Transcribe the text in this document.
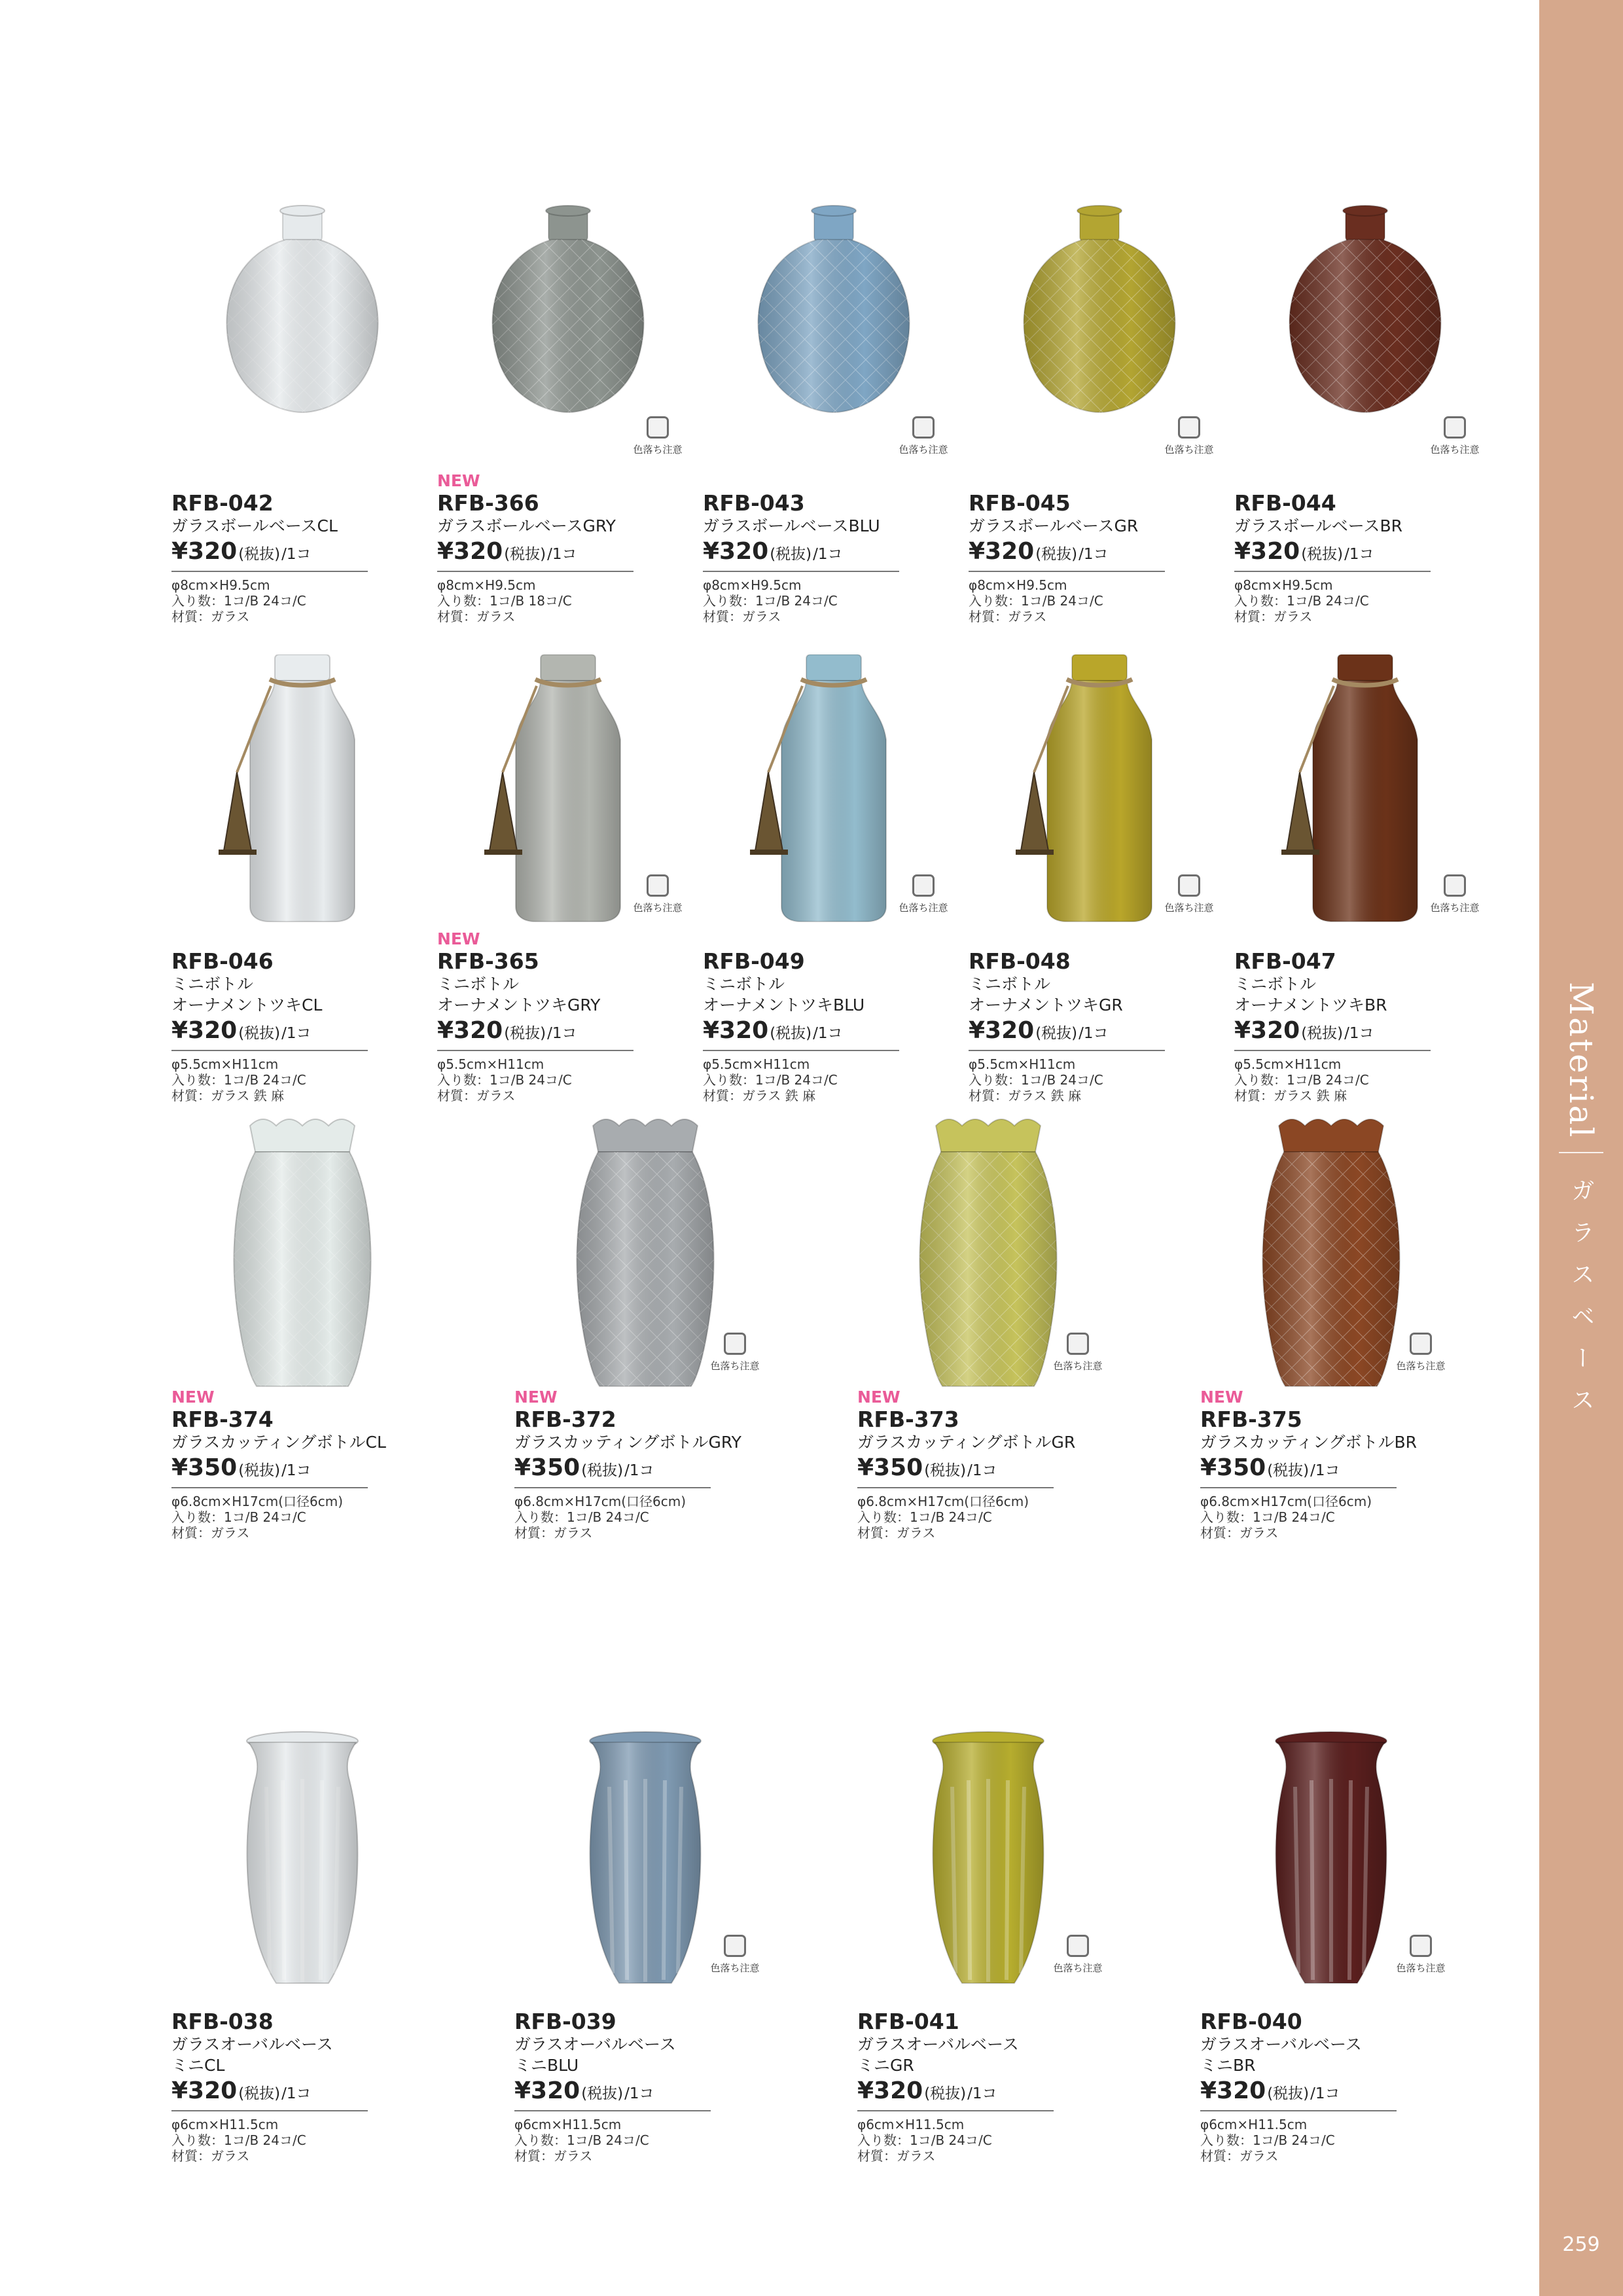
Material
ガラスベース
259
RFB-042
ガラスボールベースCL
¥320(税抜)/1コ
φ8cm×H9.5cm
入り数：1コ/B 24コ/C
材質：ガラス
色落ち注意
NEW
RFB-366
ガラスボールベースGRY
¥320(税抜)/1コ
φ8cm×H9.5cm
入り数：1コ/B 18コ/C
材質：ガラス
色落ち注意
RFB-043
ガラスボールベースBLU
¥320(税抜)/1コ
φ8cm×H9.5cm
入り数：1コ/B 24コ/C
材質：ガラス
色落ち注意
RFB-045
ガラスボールベースGR
¥320(税抜)/1コ
φ8cm×H9.5cm
入り数：1コ/B 24コ/C
材質：ガラス
色落ち注意
RFB-044
ガラスボールベースBR
¥320(税抜)/1コ
φ8cm×H9.5cm
入り数：1コ/B 24コ/C
材質：ガラス
RFB-046
ミニボトル
オーナメントツキCL
¥320(税抜)/1コ
φ5.5cm×H11cm
入り数：1コ/B 24コ/C
材質：ガラス 鉄 麻
色落ち注意
NEW
RFB-365
ミニボトル
オーナメントツキGRY
¥320(税抜)/1コ
φ5.5cm×H11cm
入り数：1コ/B 24コ/C
材質：ガラス
色落ち注意
RFB-049
ミニボトル
オーナメントツキBLU
¥320(税抜)/1コ
φ5.5cm×H11cm
入り数：1コ/B 24コ/C
材質：ガラス 鉄 麻
色落ち注意
RFB-048
ミニボトル
オーナメントツキGR
¥320(税抜)/1コ
φ5.5cm×H11cm
入り数：1コ/B 24コ/C
材質：ガラス 鉄 麻
色落ち注意
RFB-047
ミニボトル
オーナメントツキBR
¥320(税抜)/1コ
φ5.5cm×H11cm
入り数：1コ/B 24コ/C
材質：ガラス 鉄 麻
NEW
RFB-374
ガラスカッティングボトルCL
¥350(税抜)/1コ
φ6.8cm×H17cm(口径6cm)
入り数：1コ/B 24コ/C
材質：ガラス
色落ち注意
NEW
RFB-372
ガラスカッティングボトルGRY
¥350(税抜)/1コ
φ6.8cm×H17cm(口径6cm)
入り数：1コ/B 24コ/C
材質：ガラス
色落ち注意
NEW
RFB-373
ガラスカッティングボトルGR
¥350(税抜)/1コ
φ6.8cm×H17cm(口径6cm)
入り数：1コ/B 24コ/C
材質：ガラス
色落ち注意
NEW
RFB-375
ガラスカッティングボトルBR
¥350(税抜)/1コ
φ6.8cm×H17cm(口径6cm)
入り数：1コ/B 24コ/C
材質：ガラス
RFB-038
ガラスオーバルベース
ミニCL
¥320(税抜)/1コ
φ6cm×H11.5cm
入り数：1コ/B 24コ/C
材質：ガラス
色落ち注意
RFB-039
ガラスオーバルベース
ミニBLU
¥320(税抜)/1コ
φ6cm×H11.5cm
入り数：1コ/B 24コ/C
材質：ガラス
色落ち注意
RFB-041
ガラスオーバルベース
ミニGR
¥320(税抜)/1コ
φ6cm×H11.5cm
入り数：1コ/B 24コ/C
材質：ガラス
色落ち注意
RFB-040
ガラスオーバルベース
ミニBR
¥320(税抜)/1コ
φ6cm×H11.5cm
入り数：1コ/B 24コ/C
材質：ガラス
